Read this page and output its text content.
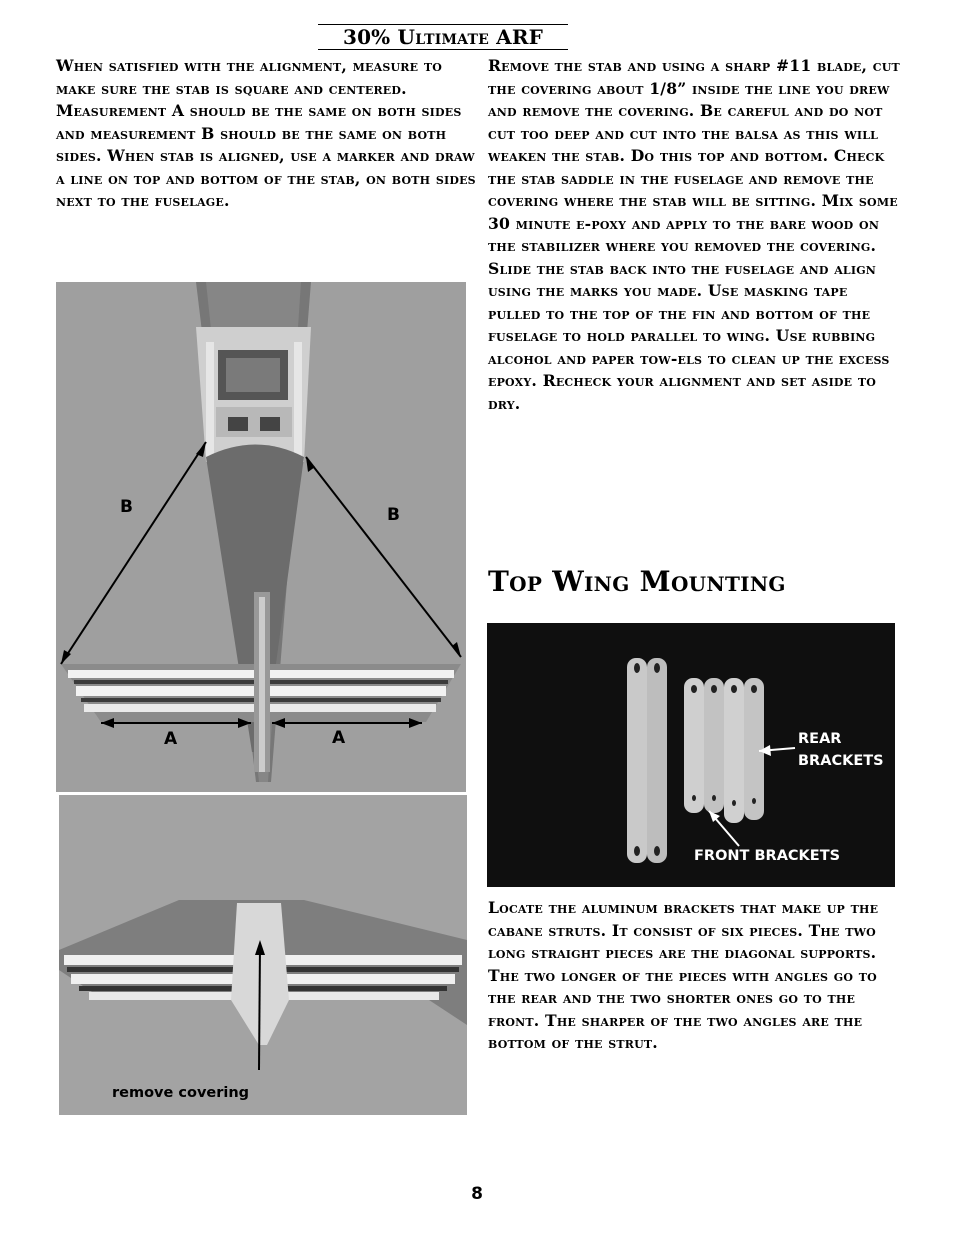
30% Ultimate ARF
When satisfied with the alignment, measure to make sure the stab is square and centered. Measurement A should be the same on both sides and measurement B should be the same on both sides. When stab is aligned, use a marker and draw a line on top and bottom of the stab, on both sides next to the fuselage.
Remove the stab and using a sharp #11 blade, cut the covering about 1/8” inside the line you drew and remove the covering. Be careful and do not cut too deep and cut into the balsa as this will weaken the stab. Do this top and bottom. Check the stab saddle in the fuselage and remove the covering where the stab will be sitting. Mix some 30 minute e-poxy and apply to the bare wood on the stabilizer where you removed the covering. Slide the stab back into the fuselage and align using the marks you made. Use masking tape pulled to the top of the fin and bottom of the fuselage to hold parallel to wing. Use rubbing alcohol and paper tow-els to clean up the excess epoxy. Recheck your alignment and set aside to dry.
Top Wing Mounting
B	B
A	A
remove covering
REAR
BRACKETS
FRONT BRACKETS
Locate the aluminum brackets that make up the cabane struts. It consist of six pieces. The two long straight pieces are the diagonal supports. The two longer of the pieces with angles go to the rear and the two shorter ones go to the front. The sharper of the two angles are the bottom of the strut.
8
